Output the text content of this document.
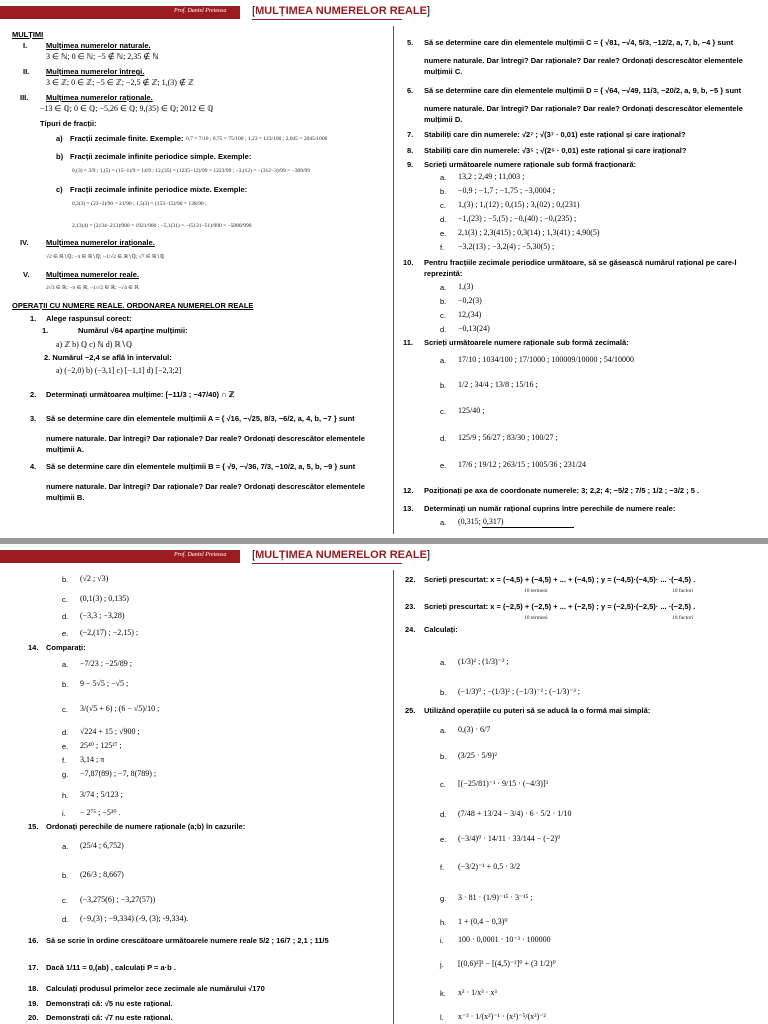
Prof. Daniel Preteasa [MULȚIMEA NUMERELOR REALE]
MULȚIMI
I.	Mulțimea numerelor naturale.
3 ∈ ℕ; 0 ∈ ℕ; −5 ∉ ℕ; 2,35 ∉ ℕ
II. Mulțimea numerelor întregi.
3 ∈ ℤ; 0 ∈ ℤ; −5 ∈ ℤ; −2,5 ∉ ℤ; 1,(3) ∉ ℤ
III. Mulțimea numerelor raționale.
−13 ∈ ℚ; 0 ∈ ℚ; −5,26 ∈ ℚ; 9,(35) ∈ ℚ; 2012 ∈ ℚ
Tipuri de fracții:
a) Fracții zecimale finite. Exemple: 0,7 = 7/10 ; 0,75 = 75/100 ; 1,23 = 123/100 ; 2,045 = 2045/1000
b) Fracții zecimale infinite periodice simple. Exemple:
0,(3) = 3/9 ; 1,(5) = (15−1)/9 = 14/9 ; 12,(35) = (1235−12)/99 = 1223/99 ; −3,(12) = −(312−3)/99 = −309/99
c) Fracții zecimale infinite periodice mixte. Exemple:
0,2(3) = (23−2)/90 = 21/90 ; 1,5(3) = (153−15)/90 = 138/90 ;
2,13(4) = (2134−213)/900 = 1921/900 ; −5,1(31) = −(5131−51)/990 = −5080/990
IV. Mulțimea numerelor iraționale.
√2 ∈ ℝ∖ℚ; −π ∈ ℝ∖ℚ; −1/√2 ∈ ℝ∖ℚ; √7 ∈ ℝ∖ℚ
V. Mulțimea numerelor reale.
2√3 ∈ ℝ; −π ∈ ℝ; −1/√2 ∈ ℝ; −√4 ∈ ℝ
OPERAȚII CU NUMERE REALE. ORDONAREA NUMERELOR REALE
1. Alege raspunsul corect:
1.	Numărul √64 aparține mulțimii:
a) ℤ b) ℚ c) ℕ d) ℝ∖ℚ
2. Numărul −2,4 se află în intervalul:
a) (−2,0) b) (−3,1] c) [−1,1] d) [−2,3;2]
2. Determinați următoarea mulțime: [−11/3 ; −47/40) ∩ ℤ
3. Să se determine care din elementele mulțimii A = { √16, −√25, 8/3, −6/2, a, 4, b, −7 } sunt
numere naturale. Dar întregi? Dar raționale? Dar reale? Ordonați descrescător elementele
mulțimii A.
4. Să se determine care din elementele mulțimii B = { √9, −√36, 7/3, −10/2, a, 5, b, −9 } sunt
numere naturale. Dar întregi? Dar raționale? Dar reale? Ordonați descrescător elementele
mulțimii B.
5. Să se determine care din elementele mulțimii C = { √81, −√4, 5/3, −12/2, a, 7, b, −4 } sunt
numere naturale. Dar întregi? Dar raționale? Dar reale? Ordonați descrescător elementele
mulțimii C.
6. Să se determine care din elementele mulțimii D = { √64, −√49, 11/3, −20/2, a, 9, b, −5 } sunt
numere naturale. Dar întregi? Dar raționale? Dar reale? Ordonați descrescător elementele
mulțimii D.
7. Stabiliți care din numerele: √2⁷ ; √(3⁷ · 0,01) este rațional și care irațional?
8. Stabiliți care din numerele: √3⁵ ; √(2⁵ · 0,01) este rațional și care irațional?
9. Scrieți următoarele numere raționale sub formă fracționară:
a. 13,2 ; 2,49 ; 11,003 ;
b. −0,9 ; −1,7 ; −1,75 ; −3,0004 ;
c. 1,(3) ; 1,(12) ; 0,(15) ; 3,(02) ; 0,(231)
d. −1,(23) ; −5,(5) ; −0,(40) ; −0,(235) ;
e. 2,1(3) ; 2,3(415) ; 0,3(14) ; 1,3(41) ; 4,90(5)
f. −3,2(13) ; −3,2(4) ; −5,30(5) ;
10. Pentru fracțiile zecimale periodice următoare, să se găsească numărul rațional pe care-l
reprezintă:
a. 1,(3)
b. −0,2(3)
c. 12,(34)
d. −0,13(24)
11. Scrieți următoarele numere raționale sub formă zecimală:
a. 17/10 ; 1034/100 ; 17/1000 ; 100009/10000 ; 54/10000
b. 1/2 ; 34/4 ; 13/8 ; 15/16 ;
c. 125/40 ;
d. 125/9 ; 56/27 ; 83/30 ; 100/27 ;
e. 17/6 ; 19/12 ; 263/15 ; 1005/36 ; 231/24
12. Poziționați pe axa de coordonate numerele: 3; 2,2; 4; −5/2 ; 7/5 ; 1/2 ; −3/2 ; 5 .
13. Determinați un număr rațional cuprins între perechile de numere reale:
a. (0,315; 0,317)
Prof. Daniel Preteasa [MULȚIMEA NUMERELOR REALE]
b. (√2 ; √3)
c. (0,1(3) ; 0,135)
d. (−3,3 ; −3,28)
e. (−2,(17) ; −2,15) ;
14. Comparați:
a. −7/23 ; −25/89 ;
b. 9 − 5√5 ; −√5 ;
c. 3/(√5 + 6) ; (6 − √5)/10 ;
d. √224 + 15 ; √900 ;
e. 25⁴⁰ ; 125²⁷ ;
f. 3,14 ; π
g. −7,87(89) ; −7, 8(789) ;
h. 3/74 ; 5/123 ;
i. − 2⁷⁵ ; −5³⁰ .
15. Ordonați perechile de numere raționale (a;b) în cazurile:
a. (25/4 ; 6,752)
b. (26/3 ; 8,667)
c. (−3,275(6) ; −3,27(57))
d. (−9,(3) ; −9,334) (-9, (3); -9,334).
16. Să se scrie în ordine crescătoare următoarele numere reale 5/2 ; 16/7 ; 2,1 ; 11/5
17. Dacă 1/11 = 0,(ab) , calculați P = a·b .
18. Calculați produsul primelor zece zecimale ale numărului √170
19. Demonstrați că: √5 nu este rațional.
20. Demonstrați că: √7 nu este rațional.
22. Scrieți prescurtat: x = (−4,5) + (−4,5) + ... + (−4,5) ; y = (−4,5)·(−4,5)· ... ·(−4,5) .
10 termeni	10 factori
23. Scrieți prescurtat: x = (−2,5) + (−2,5) + ... + (−2,5) ; y = (−2,5)·(−2,5)· ... ·(−2,5) .
10 termeni	10 factori
24. Calculați:
a. (1/3)² ; (1/3)⁻² ;
b. (−1/3)⁰ ; −(1/3)² ; (−1/3)⁻² ; (−1/3)⁻³ ;
25. Utilizând operațiile cu puteri să se aducă la o formă mai simplă:
a. 0,(3) · 6/7
b. (3/25 · 5/9)²
c. [(−25/81)⁻¹ · 9/15 · (−4/3)]³
d. (7/48 + 13/24 − 3/4) · 6 · 5/2 · 1/10
e. (−3/4)⁰ · 14/11 · 33/144 − (−2)⁰
f. (−3/2)⁻¹ + 0,5 · 3/2
g. 3 · 81 · (1/9)⁻¹⁵ · 3⁻¹⁵ ;
h. 1 + (0,4 − 0,3)⁰
i. 100 · 0,0001 · 10⁻³ · 100000
j. [(0,6)²]³ − [(4,5)⁻²]⁰ + (3 1/2)⁰
k. x² · 1/x³ · x³
l. x⁻³ · 1/(x²)⁻¹ · (x²)⁻⁵/(x³)⁻²
